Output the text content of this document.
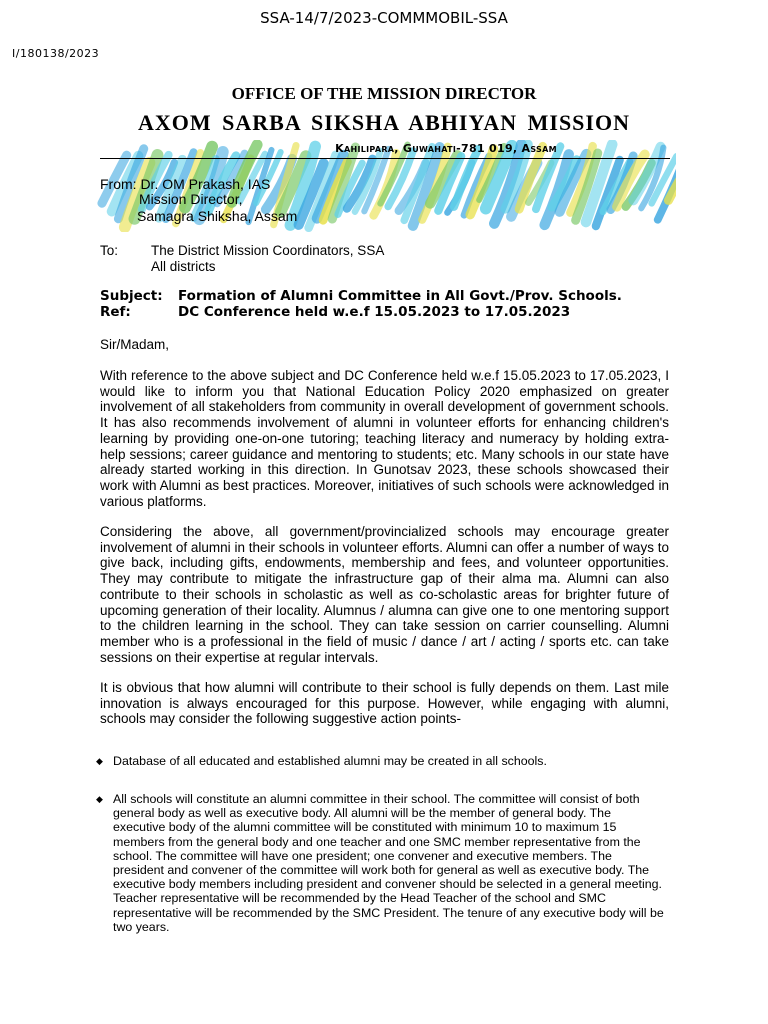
SSA-14/7/2023-COMMMOBIL-SSA
I/180138/2023
OFFICE OF THE MISSION DIRECTOR
AXOM SARBA SIKSHA ABHIYAN MISSION
Kahilipara, Guwahati-781 019, Assam
From: Dr. OM Prakash, IAS
Mission Director,
Samagra Shiksha, Assam
To: The District Mission Coordinators, SSA
All districts
Subject: Formation of Alumni Committee in All Govt./Prov. Schools.
Ref:	DC Conference held w.e.f 15.05.2023 to 17.05.2023
Sir/Madam,
With reference to the above subject and DC Conference held w.e.f 15.05.2023 to 17.05.2023, I would like to inform you that National Education Policy 2020 emphasized on greater involvement of all stakeholders from community in overall development of government schools. It has also recommends involvement of alumni in volunteer efforts for enhancing children's learning by providing one-on-one tutoring; teaching literacy and numeracy by holding extra-help sessions; career guidance and mentoring to students; etc. Many schools in our state have already started working in this direction. In Gunotsav 2023, these schools showcased their work with Alumni as best practices. Moreover, initiatives of such schools were acknowledged in various platforms.
Considering the above, all government/provincialized schools may encourage greater involvement of alumni in their schools in volunteer efforts. Alumni can offer a number of ways to give back, including gifts, endowments, membership and fees, and volunteer opportunities. They may contribute to mitigate the infrastructure gap of their alma ma. Alumni can also contribute to their schools in scholastic as well as co-scholastic areas for brighter future of upcoming generation of their locality. Alumnus / alumna can give one to one mentoring support to the children learning in the school. They can take session on carrier counselling. Alumni member who is a professional in the field of music / dance / art / acting / sports etc. can take sessions on their expertise at regular intervals.
It is obvious that how alumni will contribute to their school is fully depends on them. Last mile innovation is always encouraged for this purpose. However, while engaging with alumni, schools may consider the following suggestive action points-
◆ Database of all educated and established alumni may be created in all schools.
◆ All schools will constitute an alumni committee in their school. The committee will consist of both general body as well as executive body. All alumni will be the member of general body. The executive body of the alumni committee will be constituted with minimum 10 to maximum 15 members from the general body and one teacher and one SMC member representative from the school. The committee will have one president; one convener and executive members. The president and convener of the committee will work both for general as well as executive body. The executive body members including president and convener should be selected in a general meeting. Teacher representative will be recommended by the Head Teacher of the school and SMC representative will be recommended by the SMC President. The tenure of any executive body will be two years.
